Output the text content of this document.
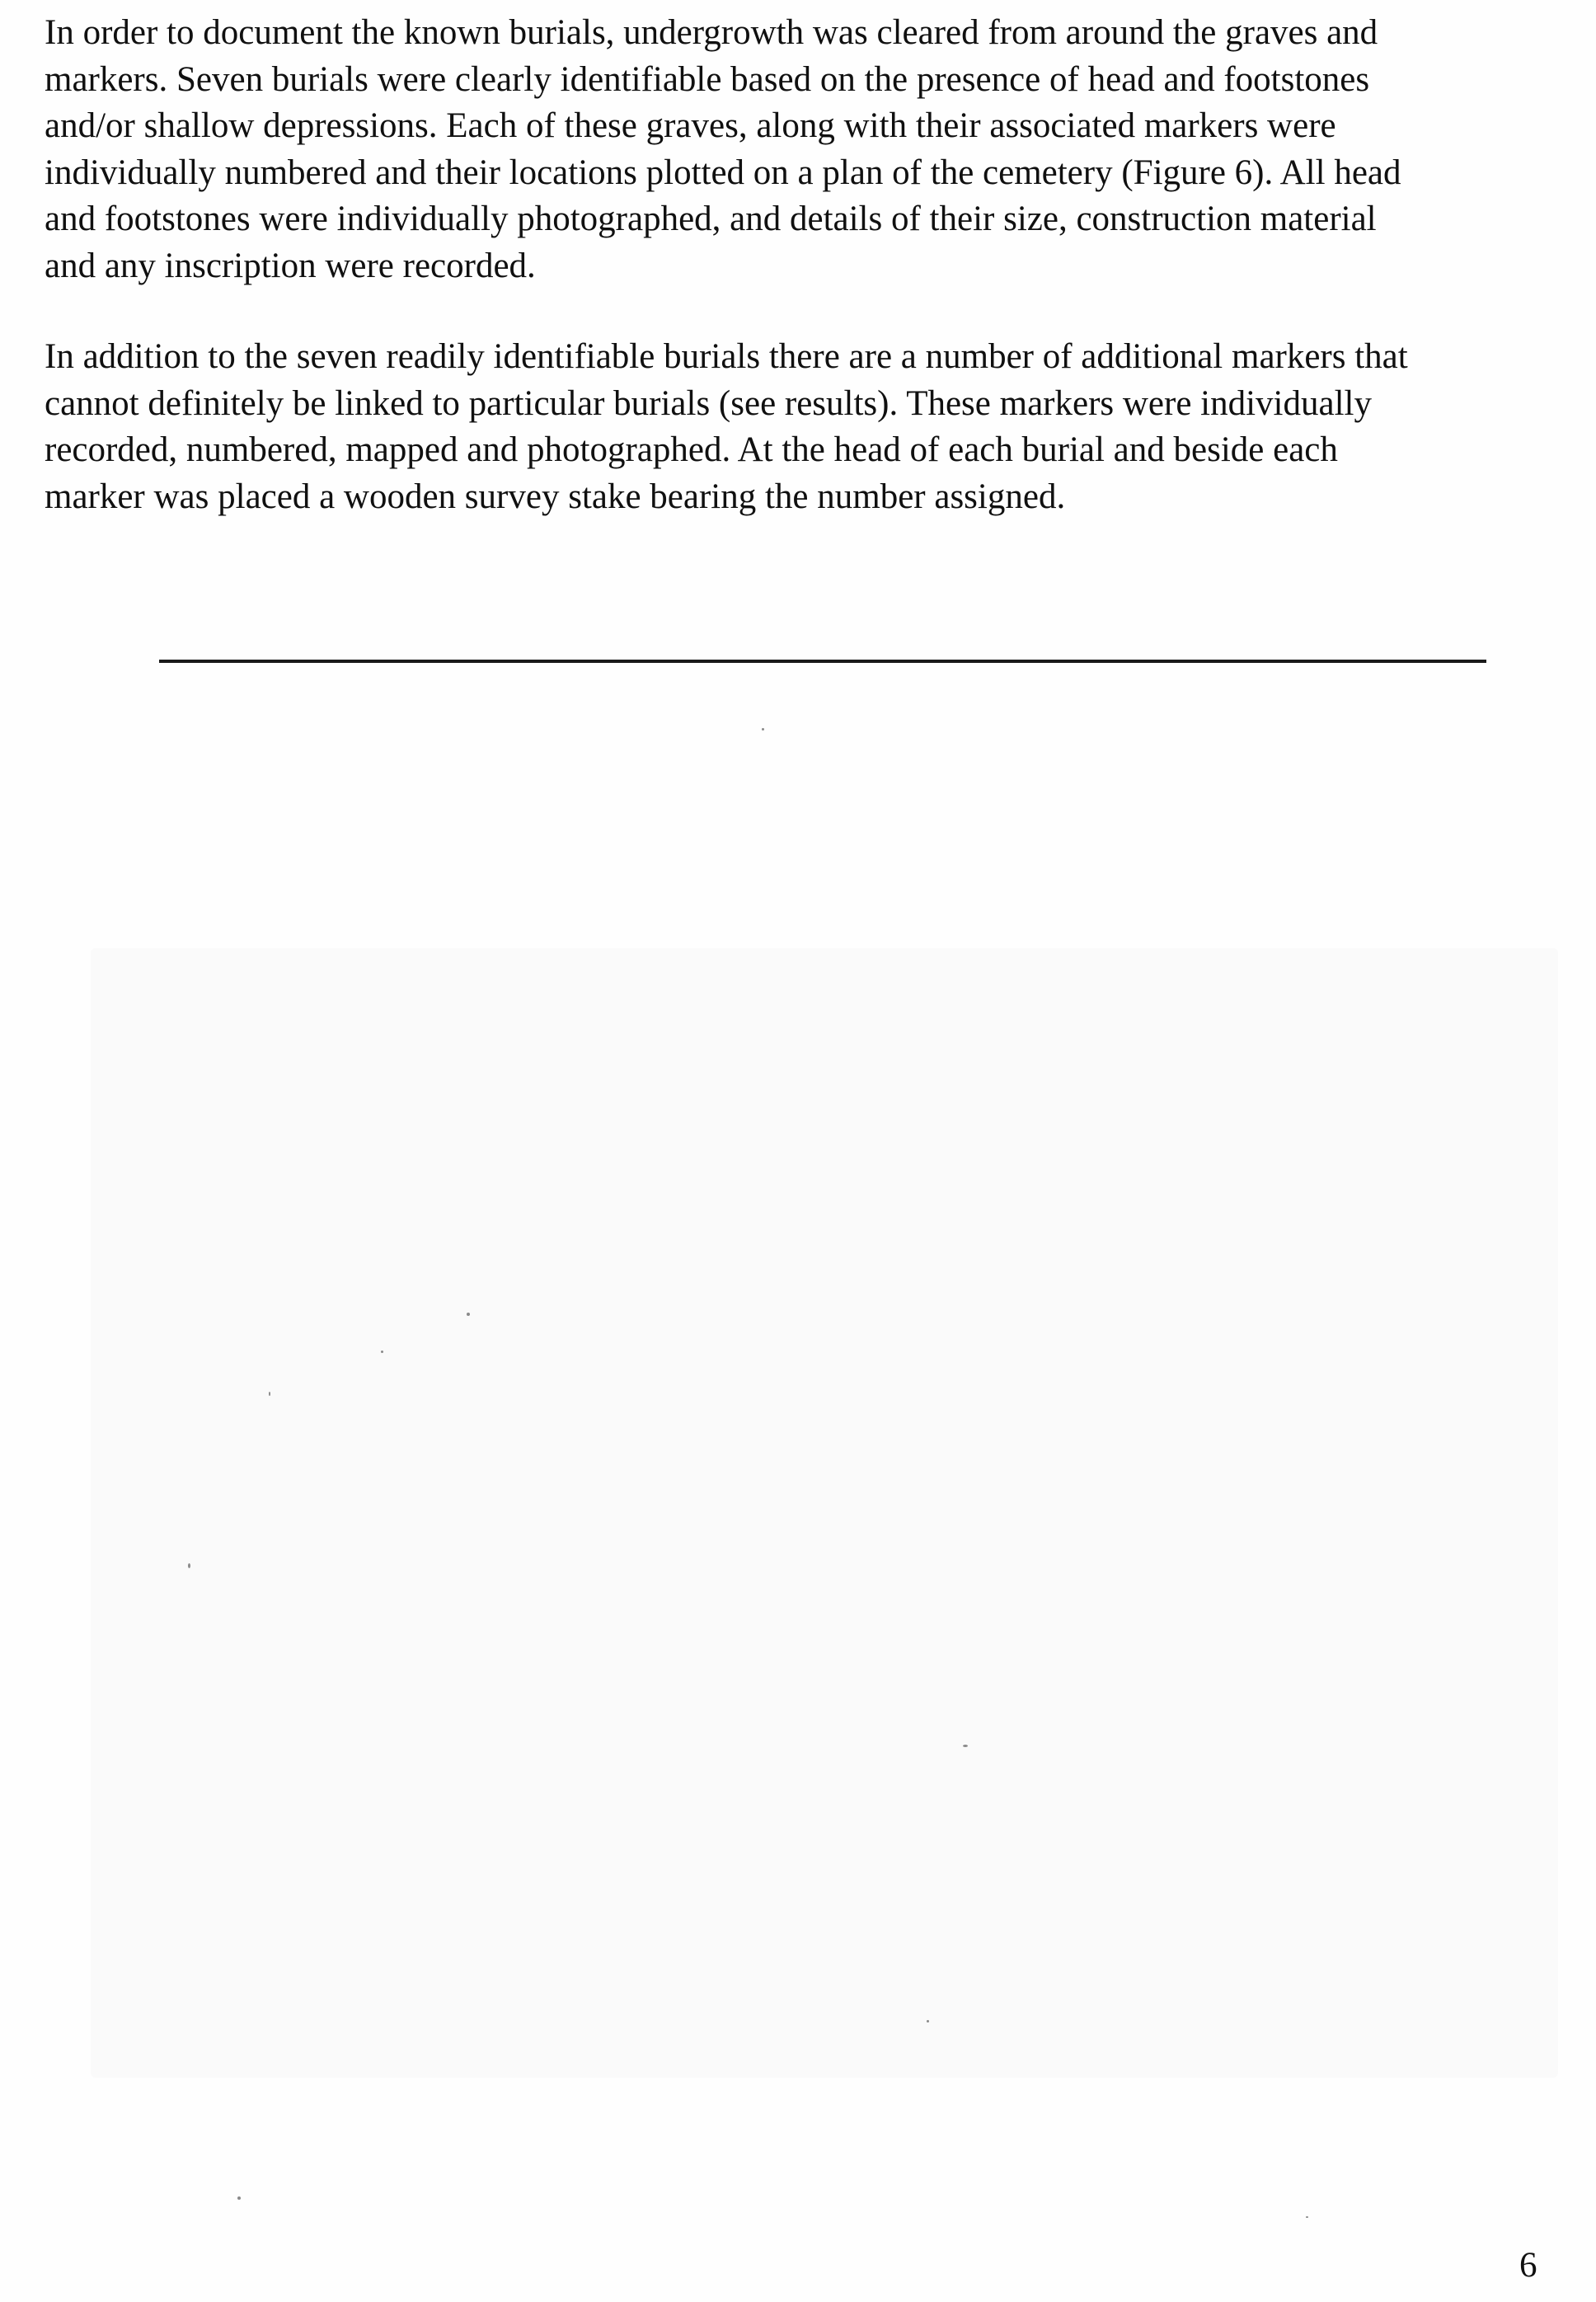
In order to document the known burials, undergrowth was cleared from around the graves and
markers. Seven burials were clearly identifiable based on the presence of head and footstones
and/or shallow depressions. Each of these graves, along with their associated markers were
individually numbered and their locations plotted on a plan of the cemetery (Figure 6). All head
and footstones were individually photographed, and details of their size, construction material
and any inscription were recorded.

In addition to the seven readily identifiable burials there are a number of additional markers that
cannot definitely be linked to particular burials (see results). These markers were individually
recorded, numbered, mapped and photographed. At the head of each burial and beside each
marker was placed a wooden survey stake bearing the number assigned.

6
